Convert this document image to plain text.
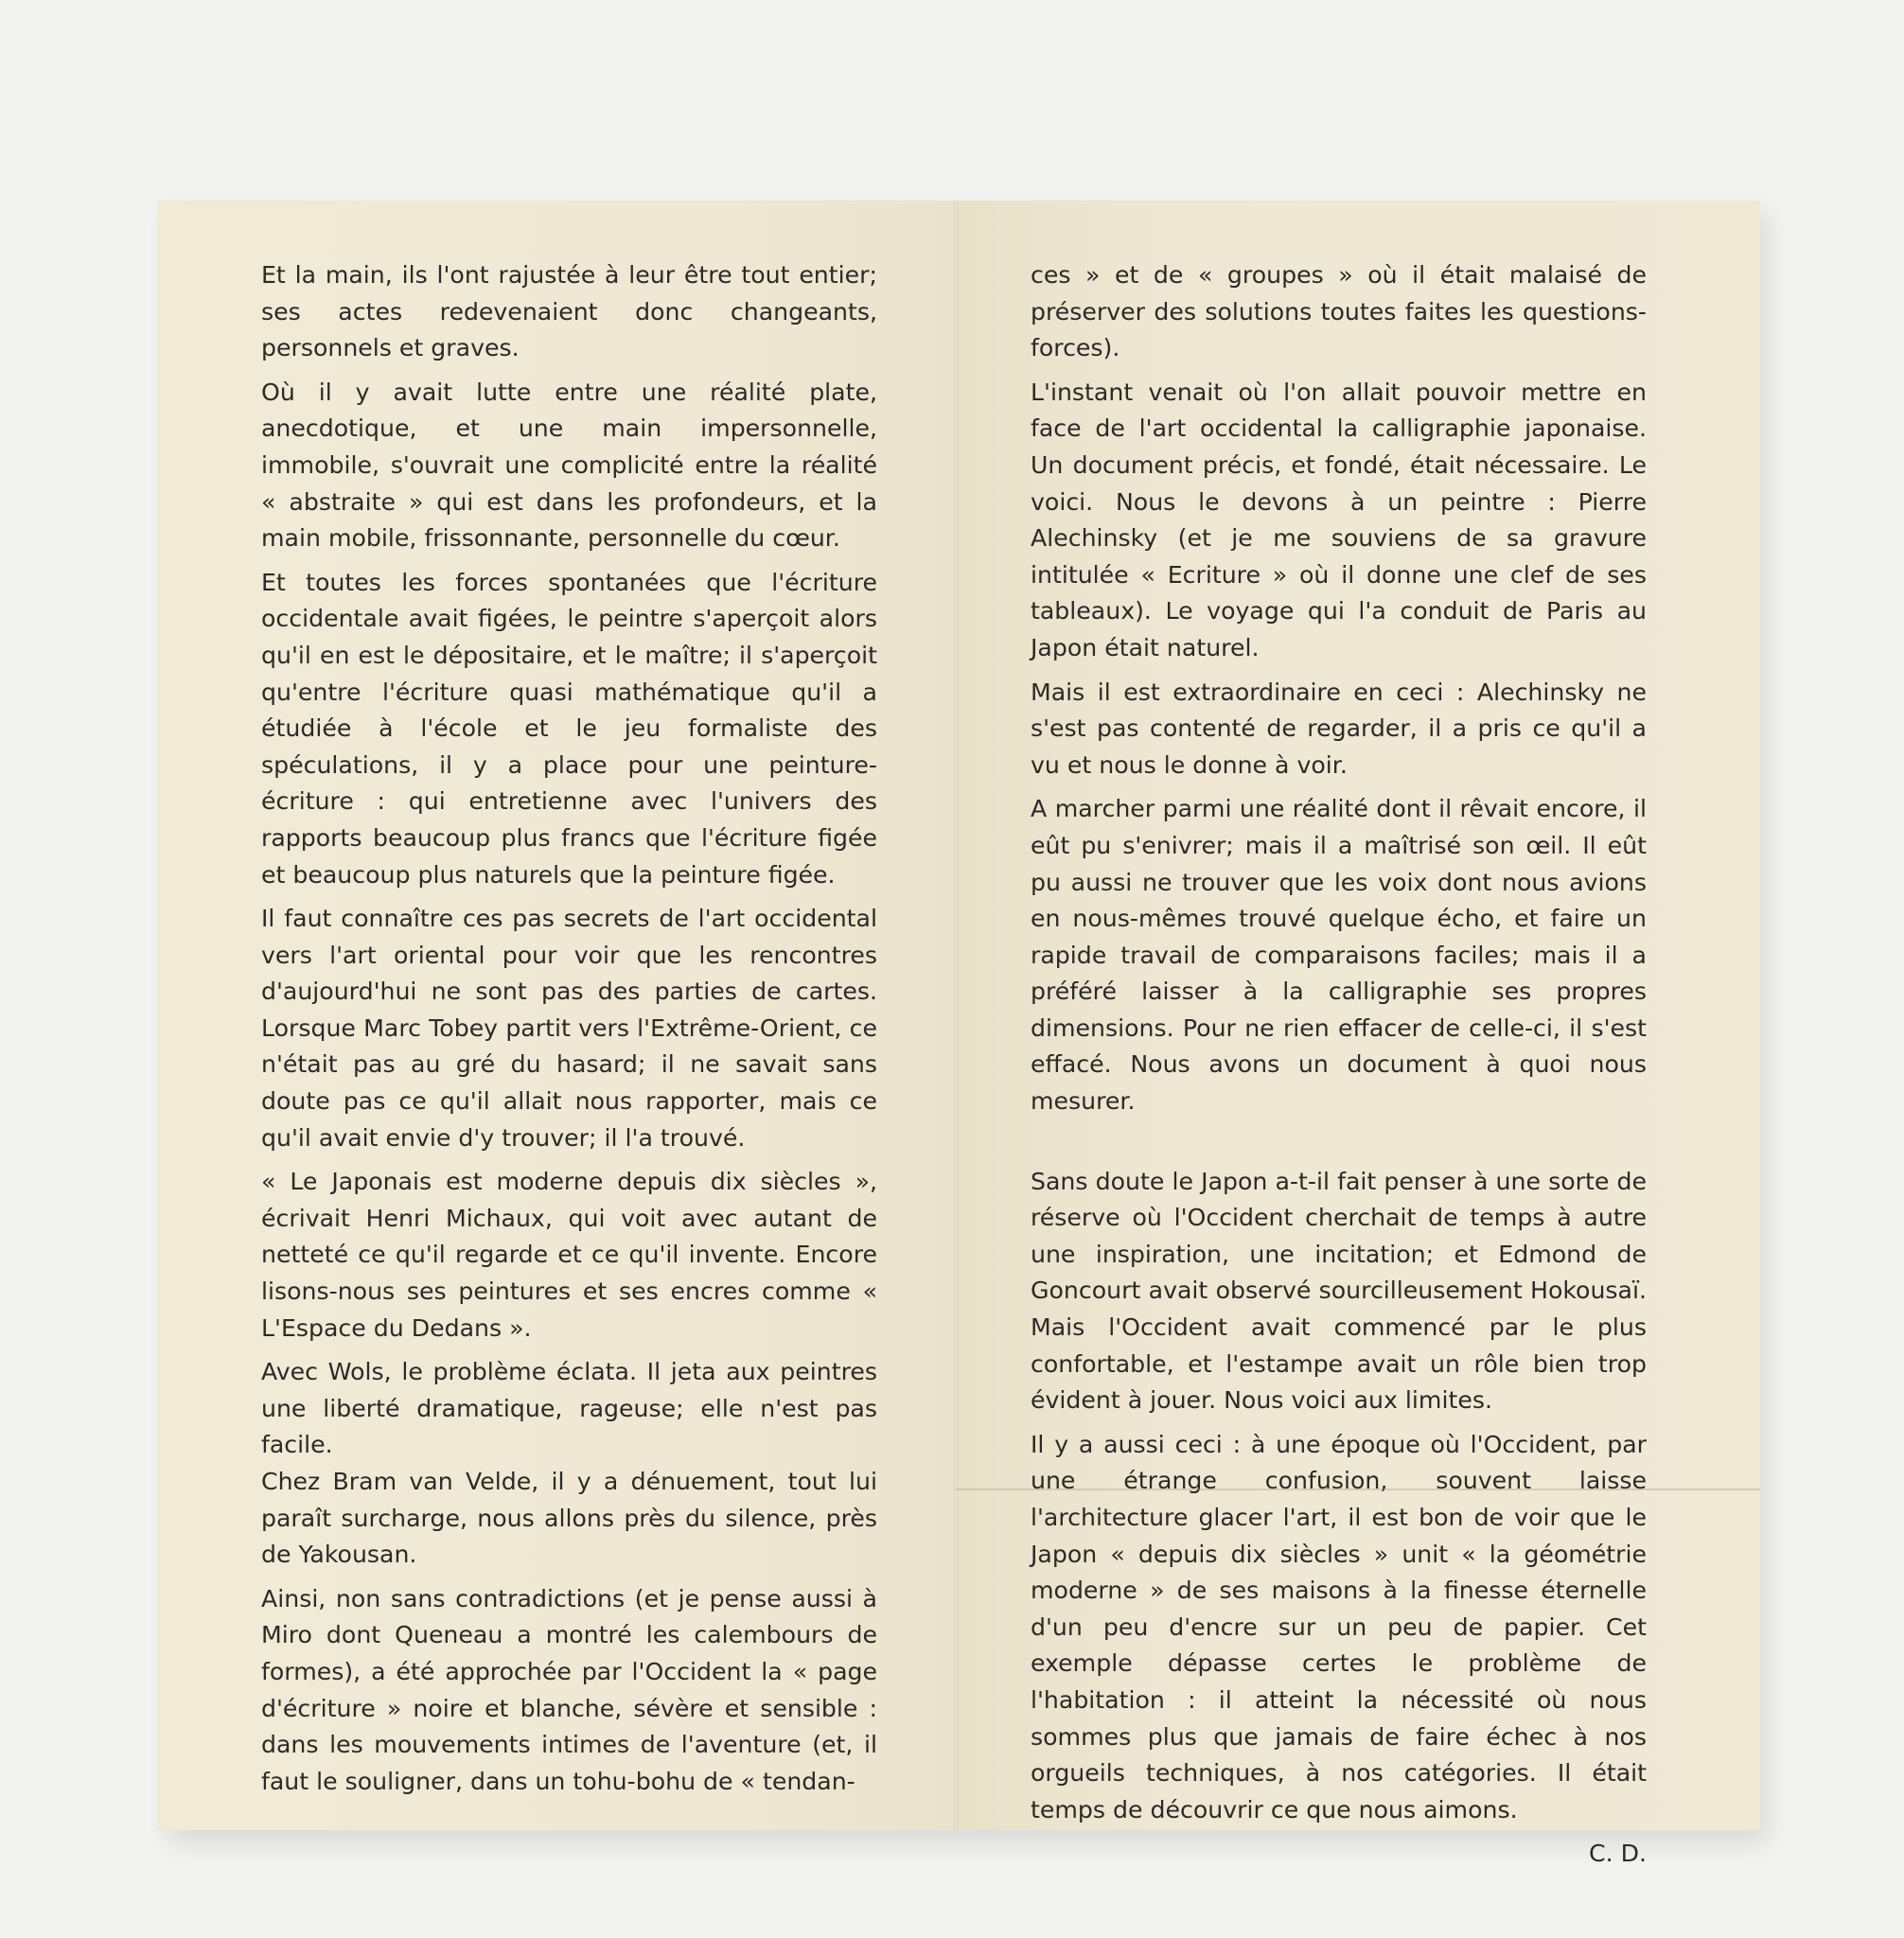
Et la main, ils l'ont rajustée à leur être tout entier; ses actes redevenaient donc changeants, personnels et graves.

Où il y avait lutte entre une réalité plate, anecdotique, et une main impersonnelle, immobile, s'ouvrait une complicité entre la réalité « abstraite » qui est dans les profondeurs, et la main mobile, frissonnante, personnelle du cœur.

Et toutes les forces spontanées que l'écriture occidentale avait figées, le peintre s'aperçoit alors qu'il en est le dépositaire, et le maître; il s'aperçoit qu'entre l'écriture quasi mathématique qu'il a étudiée à l'école et le jeu formaliste des spéculations, il y a place pour une peinture-écriture : qui entretienne avec l'univers des rapports beaucoup plus francs que l'écriture figée et beaucoup plus naturels que la peinture figée.

Il faut connaître ces pas secrets de l'art occidental vers l'art oriental pour voir que les rencontres d'aujourd'hui ne sont pas des parties de cartes. Lorsque Marc Tobey partit vers l'Extrême-Orient, ce n'était pas au gré du hasard; il ne savait sans doute pas ce qu'il allait nous rapporter, mais ce qu'il avait envie d'y trouver; il l'a trouvé.

« Le Japonais est moderne depuis dix siècles », écrivait Henri Michaux, qui voit avec autant de netteté ce qu'il regarde et ce qu'il invente. Encore lisons-nous ses peintures et ses encres comme « L'Espace du Dedans ».

Avec Wols, le problème éclata. Il jeta aux peintres une liberté dramatique, rageuse; elle n'est pas facile.
Chez Bram van Velde, il y a dénuement, tout lui paraît surcharge, nous allons près du silence, près de Yakousan.

Ainsi, non sans contradictions (et je pense aussi à Miro dont Queneau a montré les calembours de formes), a été approchée par l'Occident la « page d'écriture » noire et blanche, sévère et sensible : dans les mouvements intimes de l'aventure (et, il faut le souligner, dans un tohu-bohu de « tendan-

ces » et de « groupes » où il était malaisé de préserver des solutions toutes faites les questions-forces).

L'instant venait où l'on allait pouvoir mettre en face de l'art occidental la calligraphie japonaise. Un document précis, et fondé, était nécessaire. Le voici. Nous le devons à un peintre : Pierre Alechinsky (et je me souviens de sa gravure intitulée « Ecriture » où il donne une clef de ses tableaux). Le voyage qui l'a conduit de Paris au Japon était naturel.

Mais il est extraordinaire en ceci : Alechinsky ne s'est pas contenté de regarder, il a pris ce qu'il a vu et nous le donne à voir.

A marcher parmi une réalité dont il rêvait encore, il eût pu s'enivrer; mais il a maîtrisé son œil. Il eût pu aussi ne trouver que les voix dont nous avions en nous-mêmes trouvé quelque écho, et faire un rapide travail de comparaisons faciles; mais il a préféré laisser à la calligraphie ses propres dimensions. Pour ne rien effacer de celle-ci, il s'est effacé. Nous avons un document à quoi nous mesurer.

Sans doute le Japon a-t-il fait penser à une sorte de réserve où l'Occident cherchait de temps à autre une inspiration, une incitation; et Edmond de Goncourt avait observé sourcilleusement Hokousaï. Mais l'Occident avait commencé par le plus confortable, et l'estampe avait un rôle bien trop évident à jouer. Nous voici aux limites.

Il y a aussi ceci : à une époque où l'Occident, par une étrange confusion, souvent laisse l'architecture glacer l'art, il est bon de voir que le Japon « depuis dix siècles » unit « la géométrie moderne » de ses maisons à la finesse éternelle d'un peu d'encre sur un peu de papier. Cet exemple dépasse certes le problème de l'habitation : il atteint la nécessité où nous sommes plus que jamais de faire échec à nos orgueils techniques, à nos catégories. Il était temps de découvrir ce que nous aimons.

C. D.
